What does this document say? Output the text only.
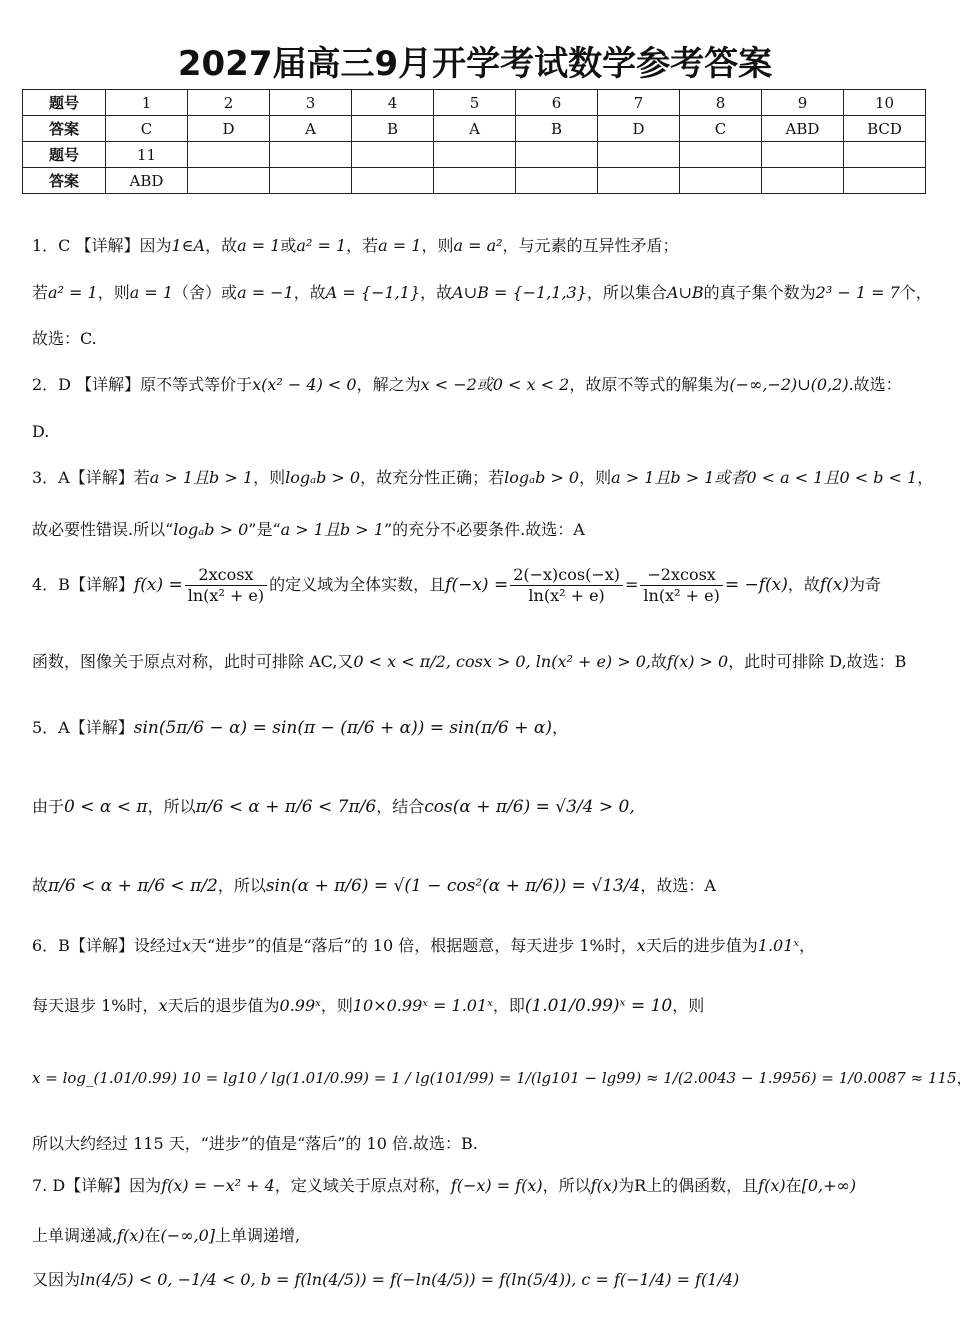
2027届高三9月开学考试数学参考答案
题号	1	2	3	4	5	6	7	8	9	10
答案	C	D	A	B	A	B	D	C	ABD	BCD
题号	11									
答案	ABD									
1．C 【详解】因为1∈A，故a = 1或a² = 1，若a = 1，则a = a²，与元素的互异性矛盾；
若a² = 1，则a = 1（舍）或a = −1，故A = {−1,1}，故A∪B = {−1,1,3}，所以集合A∪B的真子集个数为2³ − 1 = 7个，
故选：C.
2．D 【详解】原不等式等价于x(x² − 4) < 0，解之为x < −2或0 < x < 2，故原不等式的解集为(−∞,−2)∪(0,2).故选：
D.
3．A【详解】若a > 1且b > 1，则logₐb > 0，故充分性正确；若logₐb > 0，则a > 1且b > 1或者0 < a < 1且0 < b < 1，
故必要性错误.所以“logₐb > 0”是“a > 1且b > 1”的充分不必要条件.故选：A
4．B【详解】$f(x) = \frac{2xcosx}{\text{ln(x² + e)}}$ 的定义域为全体实数，且$f(-x) = \frac{2(-x)\cos(-x)}{\text{ln(x² + e)}} = \frac{-2xcosx}{\text{ln(x² + e)}} = -f(x)$，故f(x)为奇
函数，图像关于原点对称，此时可排除 AC,又0 < x < π/2, cosx > 0, ln(x² + e) > 0,故f(x) > 0，此时可排除 D,故选：B
5．A【详解】sin(5π/6 − α) = sin(π − (π/6 + α)) = sin(π/6 + α)，
由于0 < α < π，所以π/6 < α + π/6 < 7π/6，结合cos(α + π/6) = √3/4 > 0,
故π/6 < α + π/6 < π/2，所以sin(α + π/6) = √(1 − cos²(α + π/6)) = √13/4，故选：A
6．B【详解】设经过x天“进步”的值是“落后”的 10 倍，根据题意，每天进步 1%时，x天后的进步值为1.01ˣ，
每天退步 1%时，x天后的退步值为0.99ˣ，则10×0.99ˣ = 1.01ˣ，即(1.01/0.99)ˣ = 10，则
x = log_(1.01/0.99) 10 = lg10 / lg(1.01/0.99) = 1 / lg(101/99) = 1/(lg101 − lg99) ≈ 1/(2.0043 − 1.9956) = 1/0.0087 ≈ 115，
所以大约经过 115 天，“进步”的值是“落后”的 10 倍.故选：B.
7. D【详解】因为f(x) = −x² + 4，定义域关于原点对称，f(−x) = f(x)，所以f(x)为R上的偶函数，且f(x)在[0,+∞)
上单调递减,f(x)在(−∞,0]上单调递增,
又因为ln(4/5) < 0, −1/4 < 0, b = f(ln(4/5)) = f(−ln(4/5)) = f(ln(5/4)), c = f(−1/4) = f(1/4)
